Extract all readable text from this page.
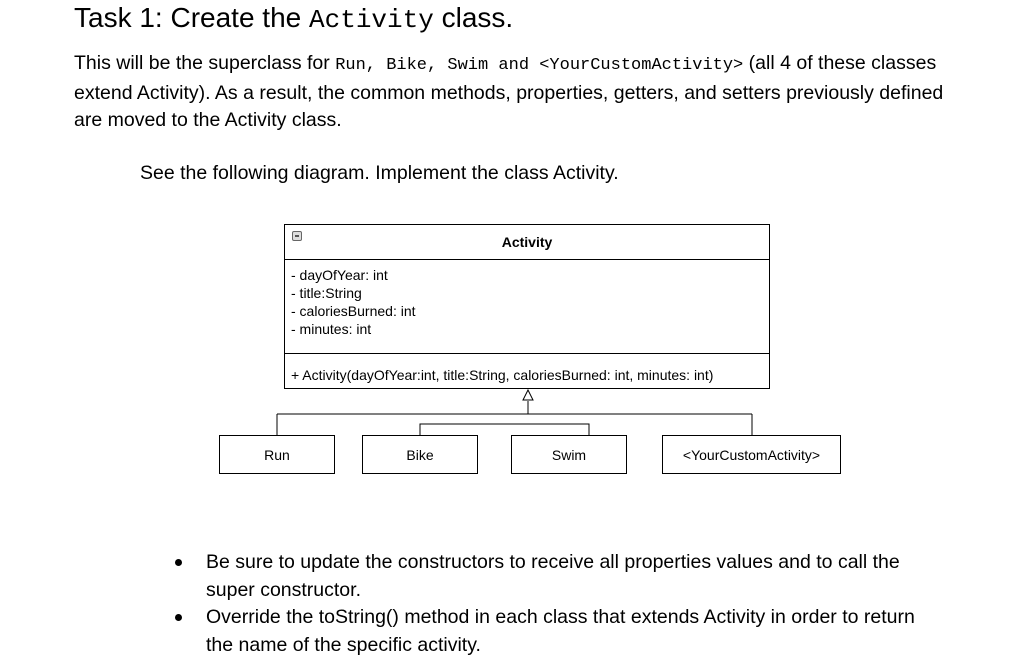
Task 1: Create the Activity class.

This will be the superclass for Run, Bike, Swim and <YourCustomActivity> (all 4 of these classes extend Activity). As a result, the common methods, properties, getters, and setters previously defined are moved to the Activity class.

See the following diagram. Implement the class Activity.

Activity
- dayOfYear: int
- title:String
- caloriesBurned: int
- minutes: int
+ Activity(dayOfYear:int, title:String, caloriesBurned: int, minutes: int)
Run	Bike	Swim	<YourCustomActivity>
Be sure to update the constructors to receive all properties values and to call the super constructor.
Override the toString() method in each class that extends Activity in order to return the name of the specific activity.
